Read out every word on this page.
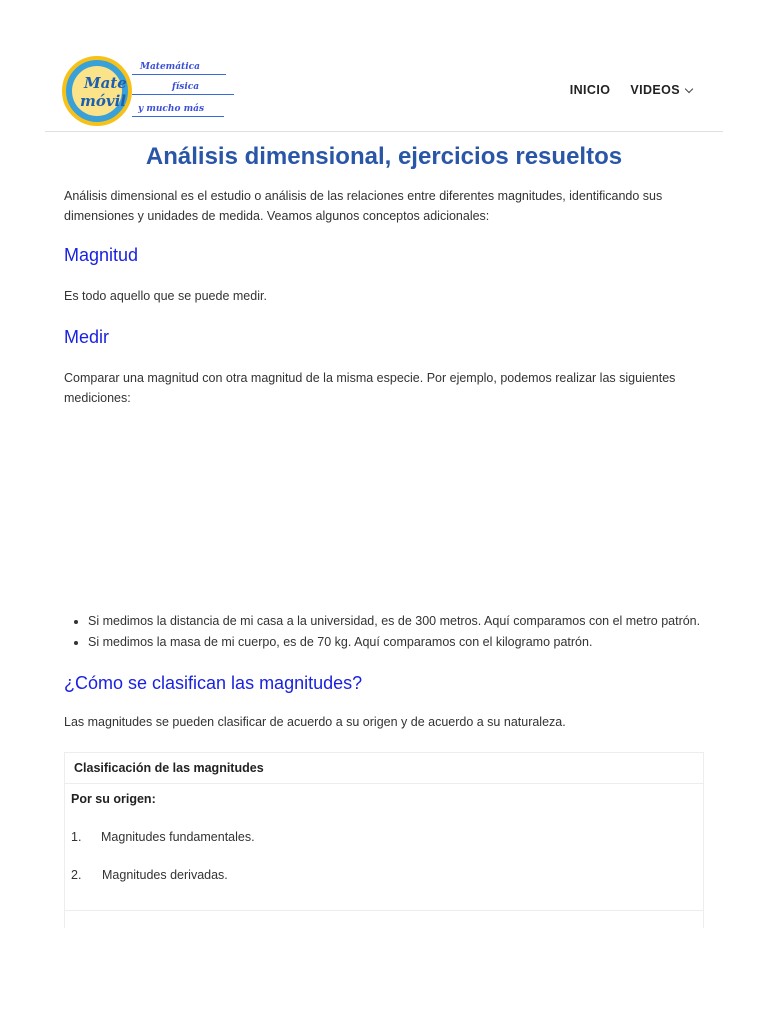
Mate
móvil
Matemática
física
y mucho más
INICIO VIDEOS
Análisis dimensional, ejercicios resueltos

Análisis dimensional es el estudio o análisis de las relaciones entre diferentes magnitudes, identificando sus dimensiones y unidades de medida. Veamos algunos conceptos adicionales:

Magnitud

Es todo aquello que se puede medir.

Medir

Comparar una magnitud con otra magnitud de la misma especie. Por ejemplo, podemos realizar las siguientes mediciones:

• Si medimos la distancia de mi casa a la universidad, es de 300 metros. Aquí comparamos con el metro patrón.
• Si medimos la masa de mi cuerpo, es de 70 kg. Aquí comparamos con el kilogramo patrón.
¿Cómo se clasifican las magnitudes?

Las magnitudes se pueden clasificar de acuerdo a su origen y de acuerdo a su naturaleza.

Clasificación de las magnitudes
Por su origen:
1. Magnitudes fundamentales.
2. Magnitudes derivadas.
